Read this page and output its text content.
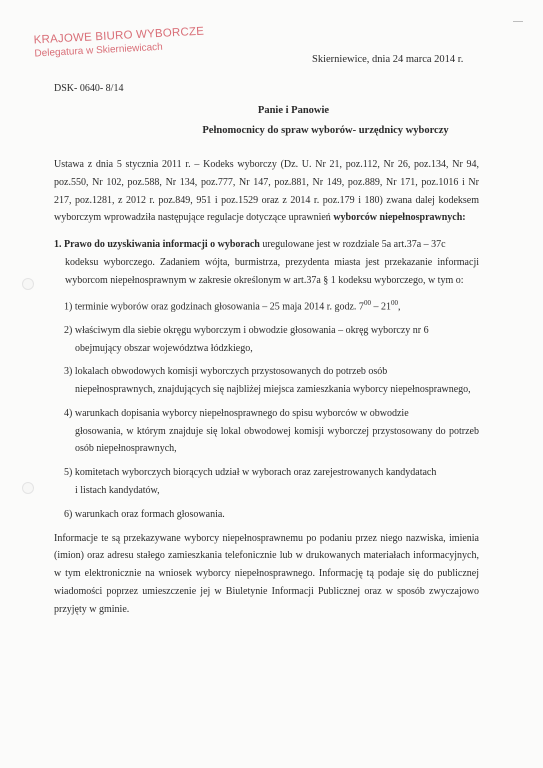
KRAJOWE BIURO WYBORCZE
Delegatura w Skierniewicach
Skierniewice, dnia 24 marca 2014 r.
DSK- 0640- 8/14
Panie i Panowie
Pełnomocnicy do spraw wyborów- urzędnicy wyborczy

Ustawa z dnia 5 stycznia 2011 r. – Kodeks wyborczy (Dz. U. Nr 21, poz.112, Nr 26, poz.134, Nr 94, poz.550, Nr 102, poz.588, Nr 134, poz.777, Nr 147, poz.881, Nr 149, poz.889, Nr 171, poz.1016 i Nr 217, poz.1281, z 2012 r. poz.849, 951 i poz.1529 oraz z 2014 r. poz.179 i 180) zwana dalej kodeksem wyborczym wprowadziła następujące regulacje dotyczące uprawnień wyborców niepełnosprawnych:

1. Prawo do uzyskiwania informacji o wyborach uregulowane jest w rozdziale 5a art.37a – 37c

kodeksu wyborczego. Zadaniem wójta, burmistrza, prezydenta miasta jest przekazanie informacji wyborcom niepełnosprawnym w zakresie określonym w art.37a § 1 kodeksu wyborczego, w tym o:

1) terminie wyborów oraz godzinach głosowania – 25 maja 2014 r. godz. $7^{00} - 21^{00}$,

2) właściwym dla siebie okręgu wyborczym i obwodzie głosowania – okręg wyborczy nr 6
obejmujący obszar województwa łódzkiego,

3) lokalach obwodowych komisji wyborczych przystosowanych do potrzeb osób
niepełnosprawnych, znajdujących się najbliżej miejsca zamieszkania wyborcy niepełnosprawnego,

4) warunkach dopisania wyborcy niepełnosprawnego do spisu wyborców w obwodzie
głosowania, w którym znajduje się lokal obwodowej komisji wyborczej przystosowany do potrzeb osób niepełnosprawnych,

5) komitetach wyborczych biorących udział w wyborach oraz zarejestrowanych kandydatach
i listach kandydatów,

6) warunkach oraz formach głosowania.

Informacje te są przekazywane wyborcy niepełnosprawnemu po podaniu przez niego nazwiska, imienia (imion) oraz adresu stałego zamieszkania telefonicznie lub w drukowanych materiałach informacyjnych, w tym elektronicznie na wniosek wyborcy niepełnosprawnego. Informację tą podaje się do publicznej wiadomości poprzez umieszczenie jej w Biuletynie Informacji Publicznej oraz w sposób zwyczajowo przyjęty w gminie.
